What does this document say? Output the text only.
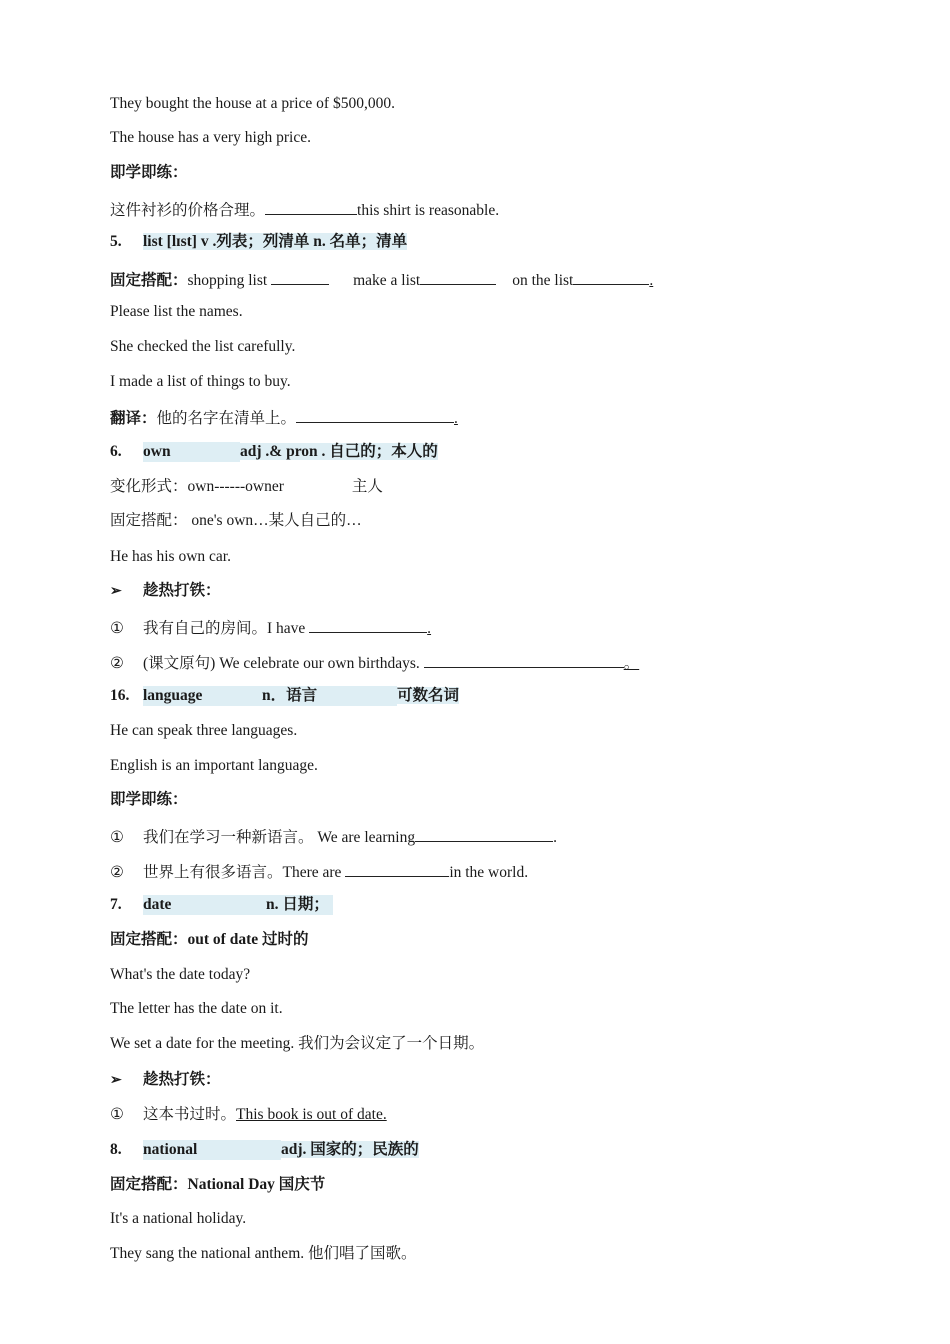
They bought the house at a price of $500,000.
The house has a very high price.
即学即练：
这件衬衫的价格合理。	this shirt is reasonable.
5. list [lɪst] v .列表；列清单 n. 名单；清单
固定搭配：shopping list	make a list	on the list	.
Please list the names.
She checked the list carefully.
I made a list of things to buy.
翻译：他的名字在清单上。	.
6. own	adj .& pron . 自己的；本人的
变化形式：own------owner	主人
固定搭配： one's own…某人自己的…
He has his own car.
➢ 趁热打铁：
① 我有自己的房间。I have	.
② (课文原句) We celebrate our own birthdays.	。
16. language	n．语言	可数名词
He can speak three languages.
English is an important language.
即学即练：
① 我们在学习一种新语言。 We are learning	.
② 世界上有很多语言。There are	in the world.
7. date	n. 日期；
固定搭配：out of date 过时的
What's the date today?
The letter has the date on it.
We set a date for the meeting. 我们为会议定了一个日期。
➢ 趁热打铁：
① 这本书过时。This book is out of date.
8. national	adj. 国家的；民族的
固定搭配：National Day 国庆节
It's a national holiday.
They sang the national anthem. 他们唱了国歌。
